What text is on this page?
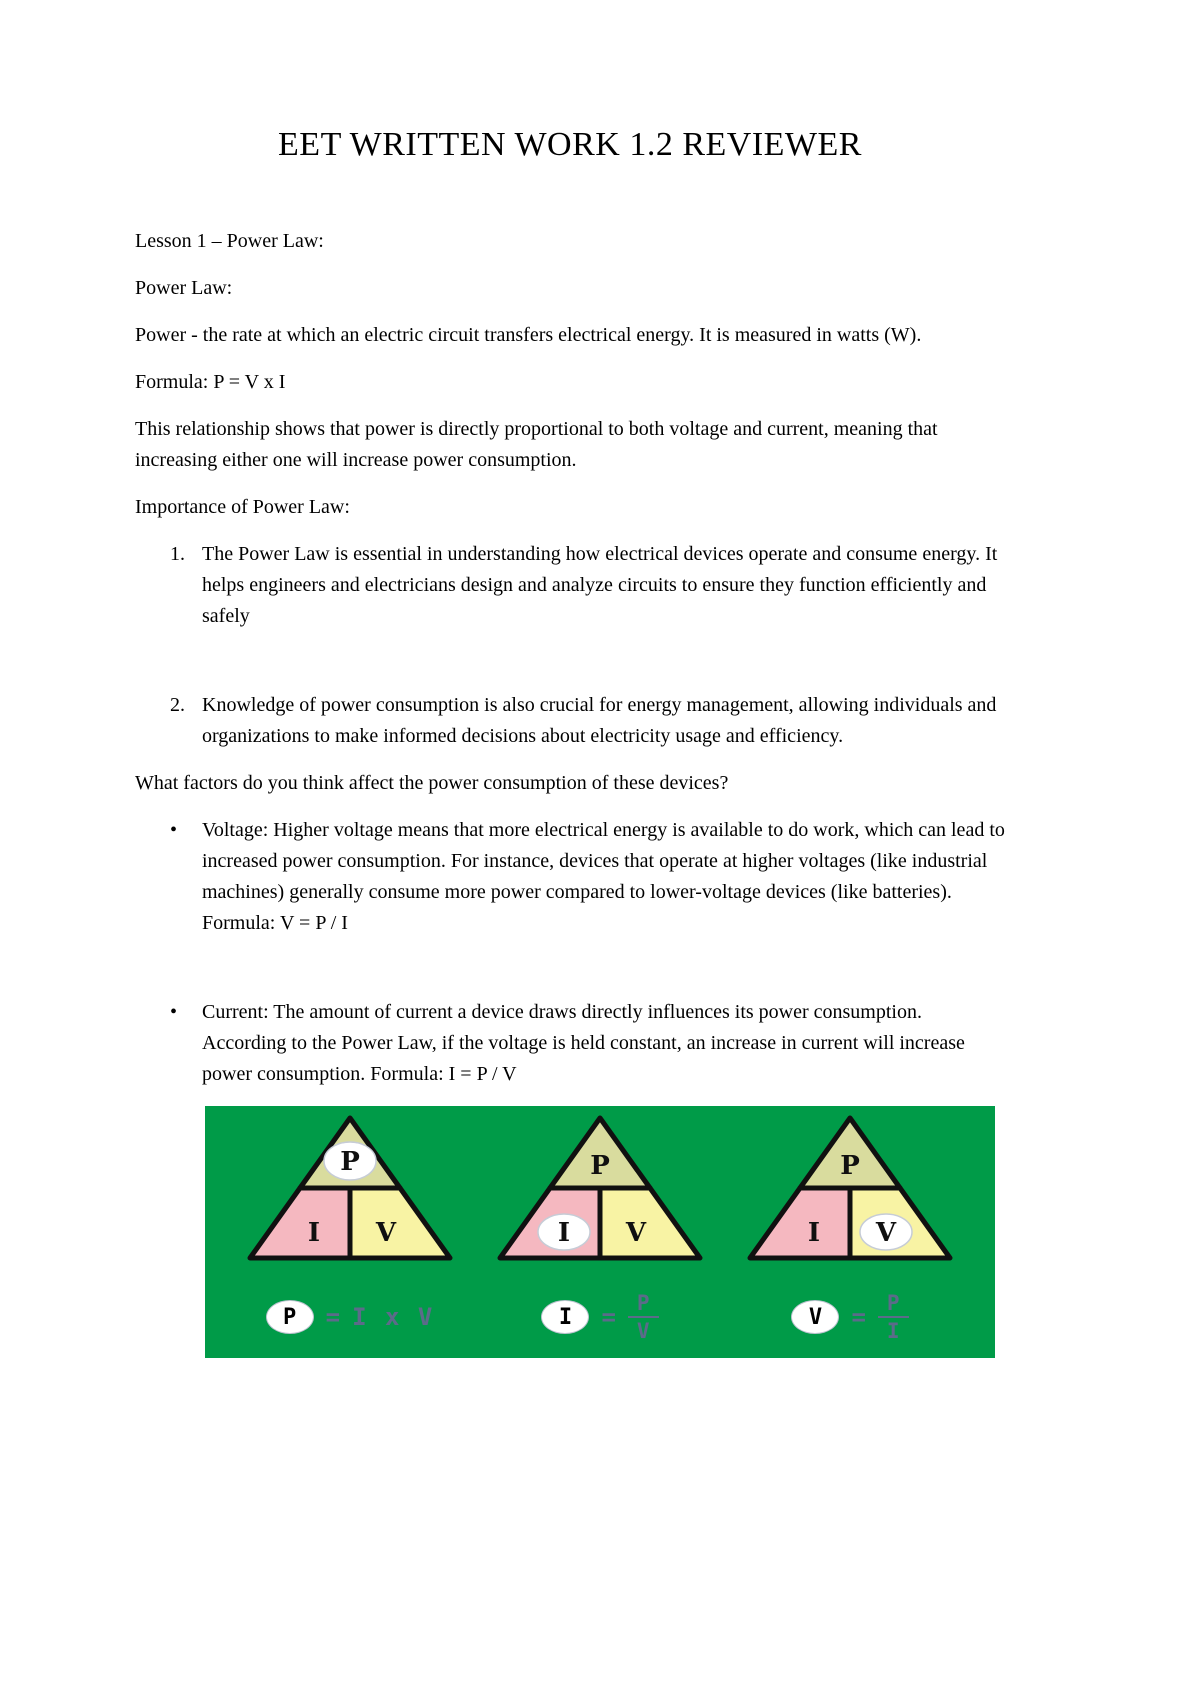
EET WRITTEN WORK 1.2 REVIEWER

Lesson 1 – Power Law:

Power Law:

Power - the rate at which an electric circuit transfers electrical energy. It is measured in watts (W).

Formula: P = V x I

This relationship shows that power is directly proportional to both voltage and current, meaning that increasing either one will increase power consumption.

Importance of Power Law:

1. The Power Law is essential in understanding how electrical devices operate and consume energy. It helps engineers and electricians design and analyze circuits to ensure they function efficiently and safely
2. Knowledge of power consumption is also crucial for energy management, allowing individuals and organizations to make informed decisions about electricity usage and efficiency.

What factors do you think affect the power consumption of these devices?

•	Voltage: Higher voltage means that more electrical energy is available to do work, which can lead to increased power consumption. For instance, devices that operate at higher voltages (like industrial machines) generally consume more power compared to lower-voltage devices (like batteries). Formula: V = P / I
•	Current: The amount of current a device draws directly influences its power consumption. According to the Power Law, if the voltage is held constant, an increase in current will increase power consumption. Formula: I = P / V
P
I V
P	= I x V
P
I V
I	= $\frac{P}{V}$
P
I V
V	= $\frac{P}{I}$
